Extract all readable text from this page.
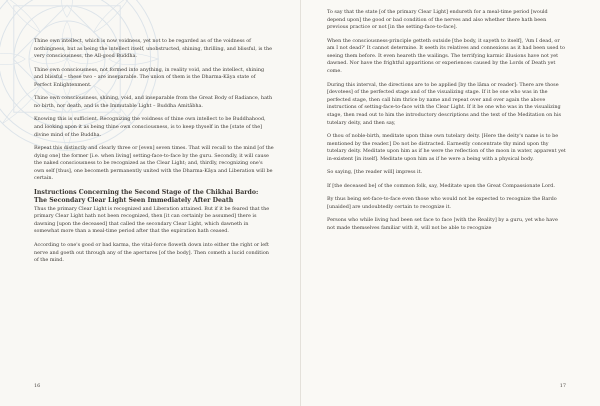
Thine own intellect, which is now voidness, yet not to be regarded as of the voidness of nothingness, but as being the intellect itself, unobstructed, shining, thrilling, and blissful, is the very consciousness, the All-good Buddha.

Thine own consciousness, not formed into anything, in reality void, and the intellect, shining and blissful – these two – are inseparable. The union of them is the Dharma-Kāya state of Perfect Enlightenment.

Thine own consciousness, shining, void, and inseparable from the Great Body of Radiance, hath no birth, nor death, and is the Immutable Light – Buddha Amitābha.

Knowing this is sufficient. Recognizing the voidness of thine own intellect to be Buddhahood, and looking upon it as being thine own consciousness, is to keep thyself in the [state of the] divine mind of the Buddha.

Repeat this distinctly and clearly three or [even] seven times. That will recall to the mind [of the dying one] the former [i.e. when living] setting-face-to-face by the guru. Secondly, it will cause the naked consciousness to be recognized as the Clear Light; and, thirdly, recognizing one's own self [thus], one becometh permanently united with the Dharma-Kāya and Liberation will be certain.

Instructions Concerning the Second Stage of the Chikhai Bardo:
The Secondary Clear Light Seen Immediately After Death

Thus the primary Clear Light is recognized and Liberation attained. But if it be feared that the primary Clear Light hath not been recognized, then [it can certainly be assumed] there is dawning [upon the deceased] that called the secondary Clear Light, which dawneth in somewhat more than a meal-time period after that the expiration hath ceased.

According to one's good or bad karma, the vital-force floweth down into either the right or left nerve and goeth out through any of the apertures [of the body]. Then cometh a lucid condition of the mind.

16

To say that the state [of the primary Clear Light] endureth for a meal-time period [would depend upon] the good or bad condition of the nerves and also whether there hath been previous practice or not [in the setting-face-to-face].

When the consciousness-principle getteth outside [the body, it sayeth to itself], 'Am I dead, or am I not dead?' It cannot determine. It seeth its relatives and connexions as it had been used to seeing them before. It even heareth the wailings. The terrifying karmic illusions have not yet dawned. Nor have the frightful apparitions or experiences caused by the Lords of Death yet come.

During this interval, the directions are to be applied [by the lāma or reader]: There are those [devotees] of the perfected stage and of the visualizing stage. If it be one who was in the perfected stage, then call him thrice by name and repeat over and over again the above instructions of setting-face-to-face with the Clear Light. If it be one who was in the visualizing stage, then read out to him the introductory descriptions and the text of the Meditation on his tutelary deity, and then say,

O thou of noble-birth, meditate upon thine own tutelary deity. [Here the deity's name is to be mentioned by the reader.] Do not be distracted. Earnestly concentrate thy mind upon thy tutelary deity. Meditate upon him as if he were the reflection of the moon in water, apparent yet in-existent [in itself]. Meditate upon him as if he were a being with a physical body.

So saying, [the reader will] impress it.

If [the deceased be] of the common folk, say, Meditate upon the Great Compassionate Lord.

By thus being set-face-to-face even those who would not be expected to recognize the Bardo [unaided] are undoubtedly certain to recognize it.

Persons who while living had been set face to face [with the Reality] by a guru, yet who have not made themselves familiar with it, will not be able to recognize

17
